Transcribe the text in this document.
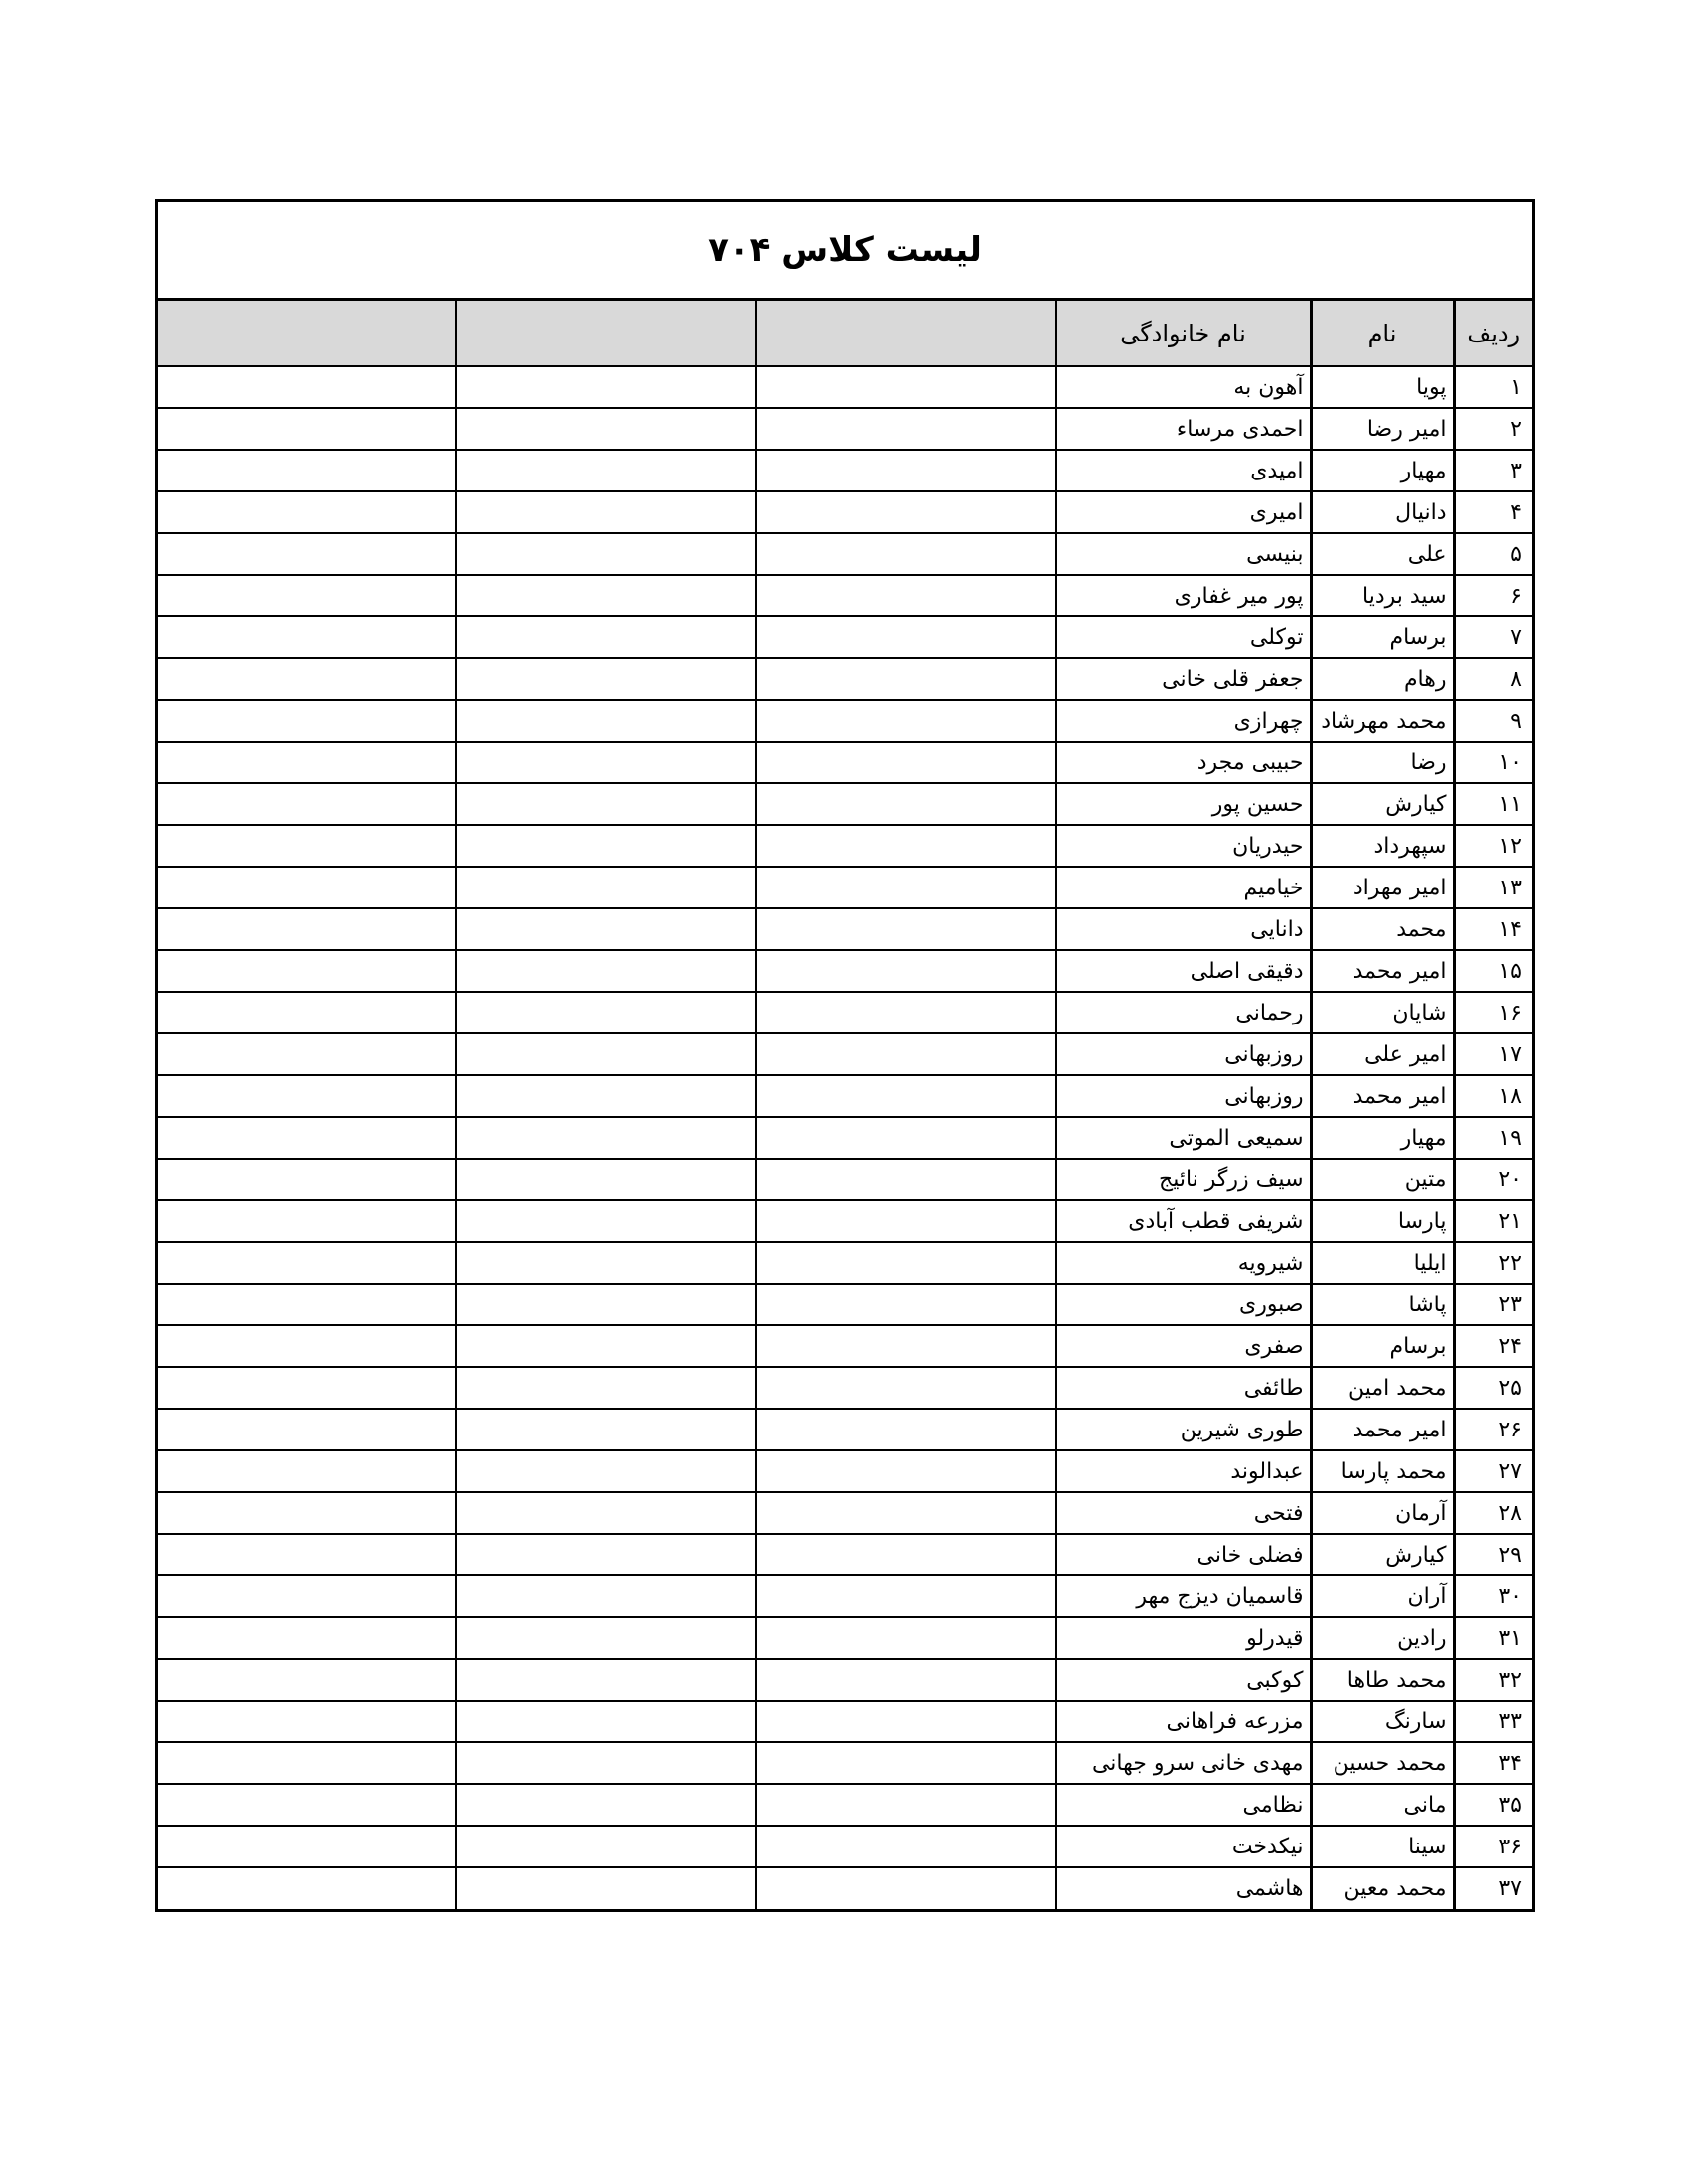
لیست کلاس ۷۰۴
ردیف	نام	نام خانوادگی			
۱	پویا	آهون به			
۲	امیر رضا	احمدی مرساء			
۳	مهیار	امیدی			
۴	دانیال	امیری			
۵	علی	بنیسی			
۶	سید بردیا	پور میر غفاری			
۷	برسام	توکلی			
۸	رهام	جعفر قلی خانی			
۹	محمد مهرشاد	چهرازی			
۱۰	رضا	حبیبی مجرد			
۱۱	کیارش	حسین پور			
۱۲	سپهرداد	حیدریان			
۱۳	امیر مهراد	خیامیم			
۱۴	محمد	دانایی			
۱۵	امیر محمد	دقیقی اصلی			
۱۶	شایان	رحمانی			
۱۷	امیر علی	روزبهانی			
۱۸	امیر محمد	روزبهانی			
۱۹	مهیار	سمیعی الموتی			
۲۰	متین	سیف زرگر نائیج			
۲۱	پارسا	شریفی قطب آبادی			
۲۲	ایلیا	شیرویه			
۲۳	پاشا	صبوری			
۲۴	برسام	صفری			
۲۵	محمد امین	طائفی			
۲۶	امیر محمد	طوری شیرین			
۲۷	محمد پارسا	عبدالوند			
۲۸	آرمان	فتحی			
۲۹	کیارش	فضلی خانی			
۳۰	آران	قاسمیان دیزج مهر			
۳۱	رادین	قیدرلو			
۳۲	محمد طاها	کوکبی			
۳۳	سارنگ	مزرعه فراهانی			
۳۴	محمد حسین	مهدی خانی سرو جهانی			
۳۵	مانی	نظامی			
۳۶	سینا	نیکدخت			
۳۷	محمد معین	هاشمی			
